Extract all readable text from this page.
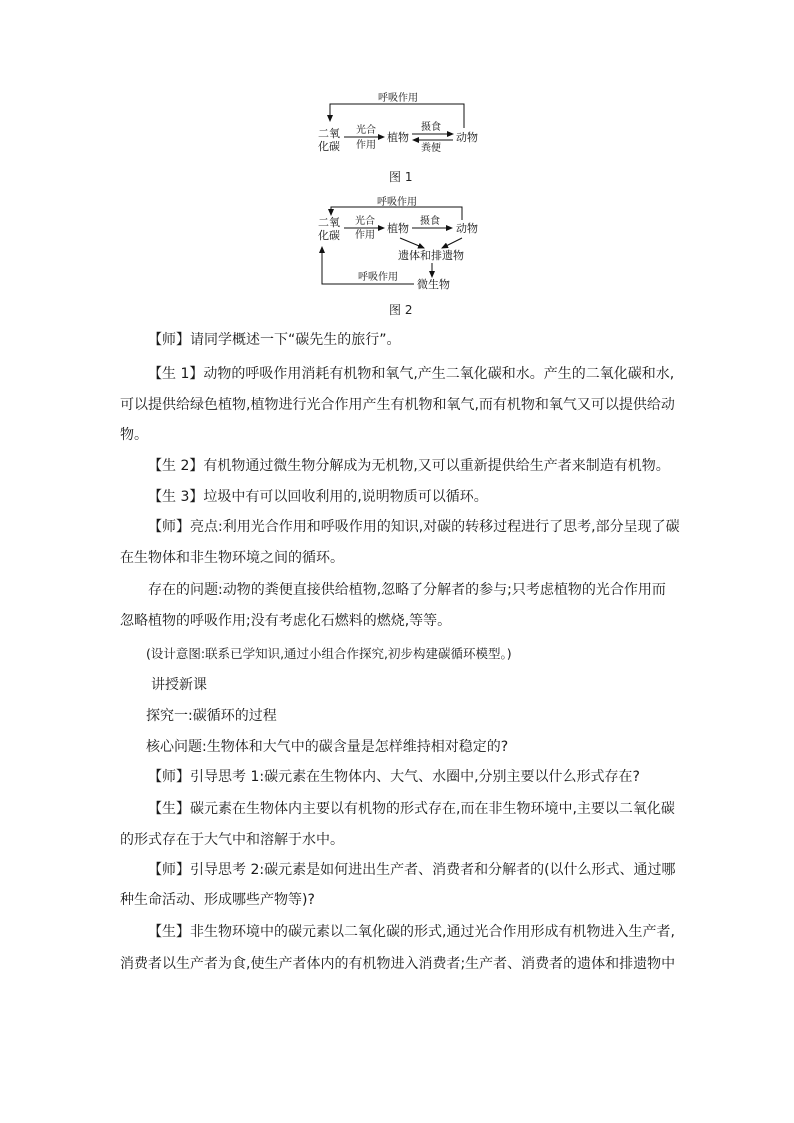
呼吸作用
二氧
化碳
光合
作用
植物
摄食
粪便
动物
呼吸作用
二氧
化碳
光合
作用
植物
摄食
动物
遗体和排遗物
呼吸作用
微生物
图 1
图 2
【师】请同学概述一下“碳先生的旅行”。
【生 1】动物的呼吸作用消耗有机物和氧气,产生二氧化碳和水。产生的二氧化碳和水,
可以提供给绿色植物,植物进行光合作用产生有机物和氧气,而有机物和氧气又可以提供给动
物。
【生 2】有机物通过微生物分解成为无机物,又可以重新提供给生产者来制造有机物。
【生 3】垃圾中有可以回收利用的,说明物质可以循环。
【师】亮点:利用光合作用和呼吸作用的知识,对碳的转移过程进行了思考,部分呈现了碳
在生物体和非生物环境之间的循环。
存在的问题:动物的粪便直接供给植物,忽略了分解者的参与;只考虑植物的光合作用而
忽略植物的呼吸作用;没有考虑化石燃料的燃烧,等等。
(设计意图:联系已学知识,通过小组合作探究,初步构建碳循环模型。)
讲授新课
探究一:碳循环的过程
核心问题:生物体和大气中的碳含量是怎样维持相对稳定的?
【师】引导思考 1:碳元素在生物体内、大气、水圈中,分别主要以什么形式存在?
【生】碳元素在生物体内主要以有机物的形式存在,而在非生物环境中,主要以二氧化碳
的形式存在于大气中和溶解于水中。
【师】引导思考 2:碳元素是如何进出生产者、消费者和分解者的(以什么形式、通过哪
种生命活动、形成哪些产物等)?
【生】非生物环境中的碳元素以二氧化碳的形式,通过光合作用形成有机物进入生产者,
消费者以生产者为食,使生产者体内的有机物进入消费者;生产者、消费者的遗体和排遗物中
